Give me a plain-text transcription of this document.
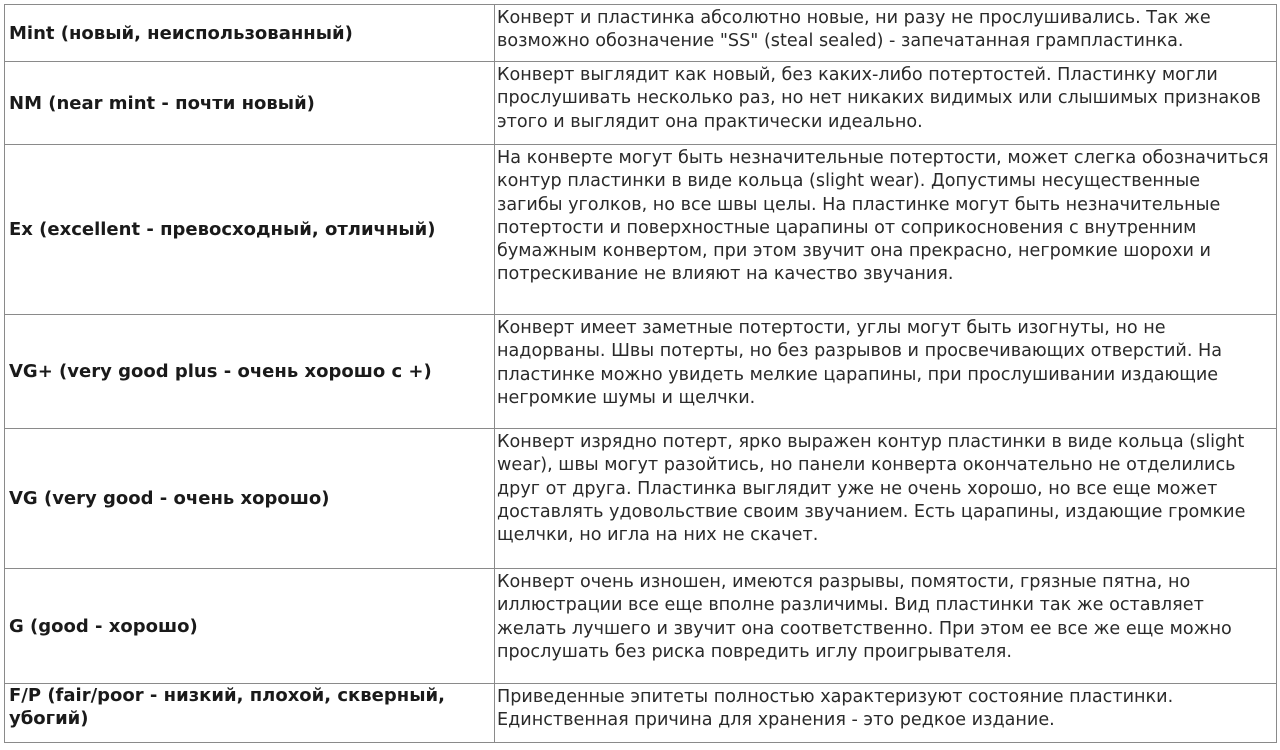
Mint (новый, неиспользованный)	Конверт и пластинка абсолютно новые, ни разу не прослушивались. Так же возможно обозначение "SS" (steal sealed) - запечатанная грампластинка.

NM (near mint - почти новый)	Конверт выглядит как новый, без каких-либо потертостей. Пластинку могли прослушивать несколько раз, но нет никаких видимых или слышимых признаков этого и выглядит она практически идеально.

Ex (excellent - превосходный, отличный)	На конверте могут быть незначительные потертости, может слегка обозначиться контур пластинки в виде кольца (slight wear). Допустимы несущественные загибы уголков, но все швы целы. На пластинке могут быть незначительные потертости и поверхностные царапины от соприкосновения с внутренним бумажным конвертом, при этом звучит она прекрасно, негромкие шорохи и потрескивание не влияют на качество звучания.

VG+ (very good plus - очень хорошо с +)	Конверт имеет заметные потертости, углы могут быть изогнуты, но не надорваны. Швы потерты, но без разрывов и просвечивающих отверстий. На пластинке можно увидеть мелкие царапины, при прослушивании издающие негромкие шумы и щелчки.

VG (very good - очень хорошо)	Конверт изрядно потерт, ярко выражен контур пластинки в виде кольца (slight wear), швы могут разойтись, но панели конверта окончательно не отделились друг от друга. Пластинка выглядит уже не очень хорошо, но все еще может доставлять удовольствие своим звучанием. Есть царапины, издающие громкие щелчки, но игла на них не скачет.

G (good - хорошо)	Конверт очень изношен, имеются разрывы, помятости, грязные пятна, но иллюстрации все еще вполне различимы. Вид пластинки так же оставляет желать лучшего и звучит она соответственно. При этом ее все же еще можно прослушать без риска повредить иглу проигрывателя.

F/P (fair/poor - низкий, плохой, скверный, убогий)	Приведенные эпитеты полностью характеризуют состояние пластинки. Единственная причина для хранения - это редкое издание.
